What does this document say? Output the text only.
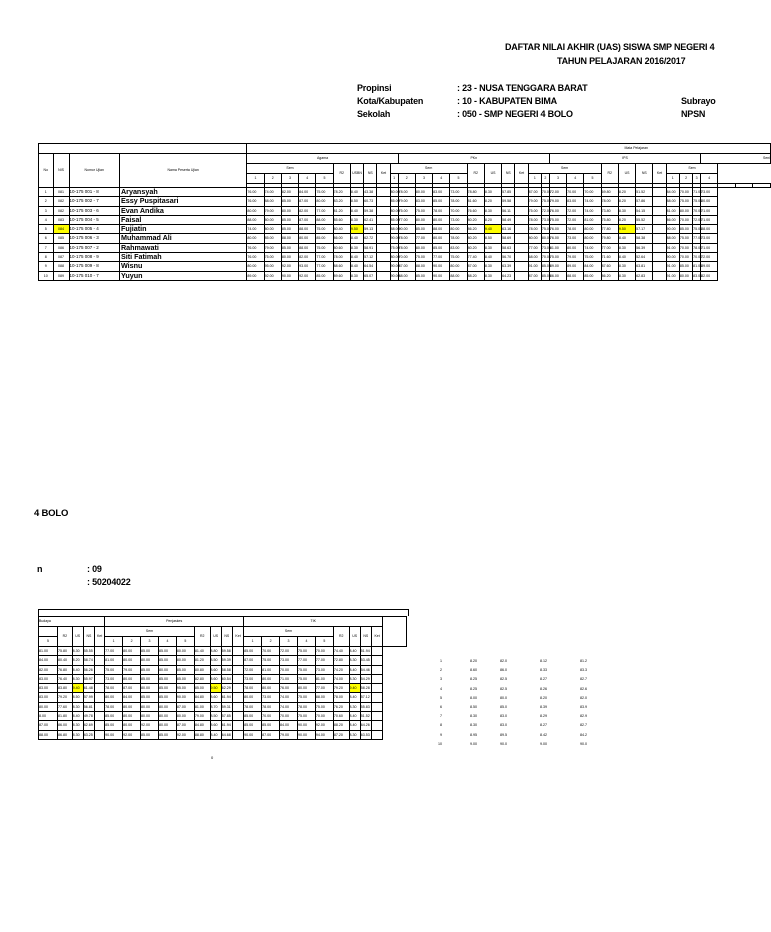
DAFTAR NILAI AKHIR (UAS) SISWA SMP NEGERI 4
TAHUN PELAJARAN 2016/2017
Propinsi	: 23 - NUSA TENGGARA BARAT
Kota/Kabupaten	: 10 - KABUPATEN BIMA
Sekolah	: 050 - SMP NEGERI 4 BOLO
Subrayo
NPSN
				Mata Pelajaran																																	
No	NIS	Nomor Ujian	Nama Peserta Ujian	Agama										PKn										IPS										Seni			
				Sem					R2	USBN	NS	Ket	Sem					R2	US	NS	Ket	Sem					R2	US	NS	Ket	Sem						
				1	2	3	4	5					1	2	3	4	5					1	2	3	4	5					1	2	3	4			

1	081	10-175 001 - 8	Aryansyah	76.00	74.00	82.00	84.00	75.00	78.20	8.40	43.38		80.00	78.00	80.00	83.00	73.00	78.80	8.30	57.85		87.00	70.00	72.00	70.00	70.00	69.80	8.20	51.52		84.00	70.00	71.00	73.00			
2	082	10-175 002 - 7	Essy Puspitasari	76.00	88.00	85.00	87.00	80.00	83.20	8.50	60.73		85.00	79.00	83.00	85.00	78.00	81.60	8.20	59.58		79.00	75.00	79.00	83.00	74.00	78.00	8.20	57.86		88.00	75.00	75.00	80.00			
3	082	10-175 003 - 6	Evan Andika	80.00	79.00	80.00	82.00	77.00	81.20	8.40	59.38		80.00	75.00	75.00	78.00	70.00	76.60	8.30	56.11		75.00	72.00	76.00	72.00	74.00	73.80	8.30	54.15		81.00	80.00	70.00	71.00			
4	083	10-175 004 - 5	Faisal	88.00	80.00	85.00	87.00	88.00	85.60	8.30	62.41		85.00	77.00	80.00	80.00	73.00	80.20	8.20	58.49		78.00	73.00	75.00	72.00	81.00	75.80	8.20	55.52		86.00	70.00	72.00	71.00			
5	084	10-175 005 - 4	Fujiatin	74.00	80.00	85.00	88.00	75.00	80.40	9.50	59.13		88.00	90.00	85.00	88.00	80.00	86.20	9.40	63.16		78.00	75.00	76.00	78.00	80.00	77.80	9.50	57.17		90.00	85.00	75.00	88.00			
6	085	10-175 006 - 3	Muhammad Ali	80.00	85.00	88.00	80.00	85.00	86.00	8.40	62.72		90.00	78.00	77.00	80.00	78.00	80.20	8.50	58.69		80.00	80.00	76.00	73.00	80.00	79.80	8.40	58.38		88.00	75.00	77.00	73.00			
7	086	10-175 007 - 2	Rahmawati	76.00	79.00	85.00	88.00	75.00	80.60	8.30	58.91		75.00	78.00	80.00	85.00	83.00	80.20	8.30	58.63		77.00	73.00	81.00	80.00	74.00	77.00	8.30	56.39		91.00	70.00	78.00	71.00			
8	087	10-175 008 - 9	Siti Fatimah	76.00	75.00	80.00	82.00	77.00	78.00	8.40	57.12		80.00	70.00	75.00	77.00	75.00	77.40	8.40	56.70		68.00	70.00	75.00	79.00	75.00	71.60	8.40	52.64		90.00	70.00	70.00	72.00			
9	088	10-175 009 - 8	Wisnu	80.00	95.00	92.00	93.00	77.00	88.60	8.40	64.54		90.00	87.00	88.00	90.00	80.00	87.00	8.30	63.39		91.00	85.00	89.00	89.00	84.00	87.60	8.30	63.81		91.00	85.00	81.00	89.00			
10	089	10-175 010 - 7	Yuyun	89.00	92.00	90.00	92.00	85.00	89.60	8.30	65.07		90.00	88.00	85.00	90.00	88.00	88.20	8.30	64.23		87.00	85.00	86.00	88.00	85.00	86.20	8.30	62.83		91.00	80.00	83.00	82.00			
4 BOLO
n	: 09
: 50204022
Budaya					Penjaskes									TIK									
	R2	US	NS	Ket	Sem					R2	US	NS	Ket	Sem					R2	US	NS	Ket	
5					1	2	3	4	5					1	2	3	4	5					
81.00	75.80	8.30	55.55		77.00	80.00	85.00	85.00	80.00	81.40	8.80	59.58		85.00	70.00	72.00	75.00	70.00	74.40	8.40	51.94		
84.00	80.40	8.20	58.74		81.00	80.00	80.00	85.00	80.00	81.20	8.50	59.39		87.00	75.00	73.00	77.00	77.00	72.80	8.30	53.45		
82.00	76.80	8.40	56.26		75.00	79.00	85.00	80.00	85.00	80.80	8.60	58.58		72.00	81.00	70.00	75.00	73.00	74.20	8.40	54.46		
83.00	76.40	8.30	55.97		73.00	80.00	85.00	85.00	85.00	82.80	8.60	60.54		73.00	80.00	71.00	75.00	81.00	74.00	8.30	54.29		
83.00	83.80	9.40	61.48		78.00	87.00	80.00	85.00	95.00	85.00	9.50	62.29		78.00	80.00	76.00	80.00	77.00	79.20	9.40	58.28		
83.00	79.20	8.50	57.99		80.00	84.00	85.00	85.00	90.00	84.80	8.60	61.94		80.00	73.00	74.00	75.00	88.00	78.00	8.40	57.12		
80.00	77.60	8.30	56.81		78.00	80.00	80.00	80.00	87.00	81.00	8.70	59.31		78.00	78.00	74.00	78.00	75.00	76.20	8.30	55.83		
8.00	81.80	8.40	49.78		85.00	80.00	80.00	80.00	80.00	79.00	8.50	57.85		85.00	70.00	70.00	75.00	70.00	70.60	8.40	51.52		
87.00	86.00	8.30	62.69		85.00	80.00	92.00	80.00	87.00	84.80	8.60	61.94		85.00	85.00	84.00	90.00	92.00	88.20	8.40	64.26		
88.00	86.80	8.30	63.25		90.00	92.00	85.00	85.00	92.00	88.80	8.40	64.68		90.00	87.00	79.00	90.00	94.00	87.20	8.30	63.53		
0
1	8.20	82.0	8.12	81.2
2	8.60	86.0	8.33	83.3
3	8.25	82.5	8.27	82.7
4	8.25	82.5	8.26	82.6
5	8.00	80.0	8.20	82.0
6	8.50	85.0	8.39	83.9
7	8.30	83.0	8.29	82.9
8	8.30	83.0	8.27	82.7
9	8.95	89.5	8.42	84.2
10	9.00	90.0	9.00	90.0
